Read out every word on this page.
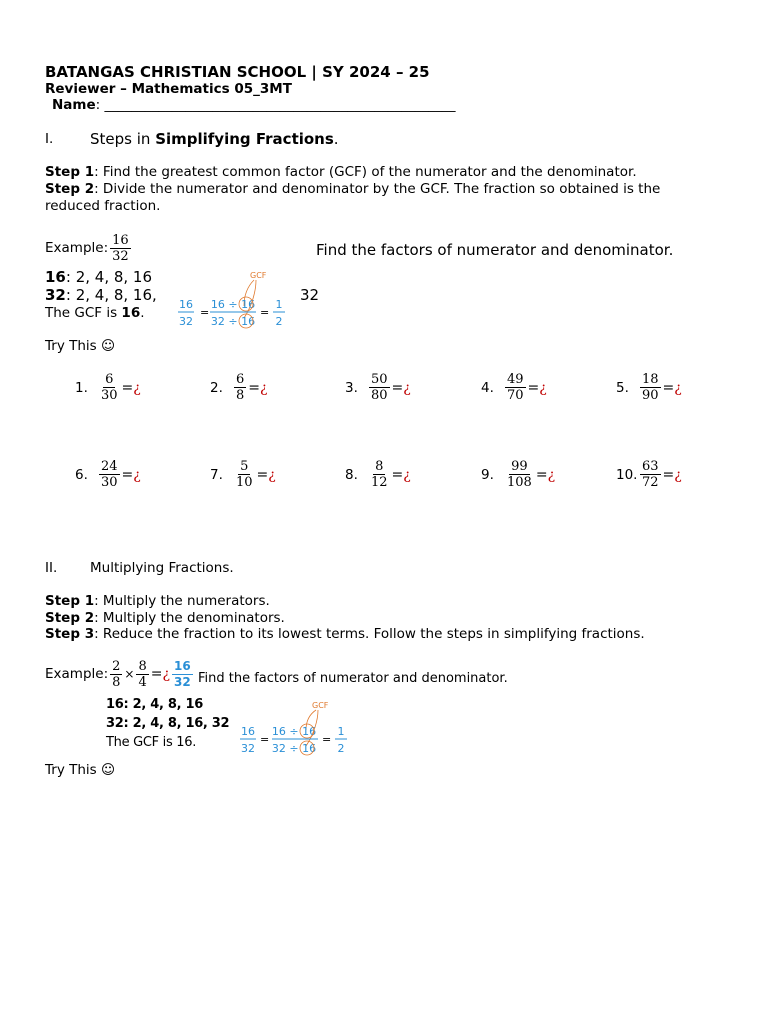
BATANGAS CHRISTIAN SCHOOL | SY 2024 – 25
Reviewer – Mathematics 05_3MT
Name: ____________________________________________________
I. Steps in Simplifying Fractions.
Step 1: Find the greatest common factor (GCF) of the numerator and the denominator.
Step 2: Divide the numerator and denominator by the GCF. The fraction so obtained is the
reduced fraction.
Example: $\frac{16}{32}$	Find the factors of numerator and denominator.
16: 2, 4, 8, 16
32: 2, 4, 8, 16,	32
The GCF is 16.
GCF
16
32
=
16 ÷ 16
32 ÷ 16
=
1
2
Try This ☺
1. $\frac{6}{30}$ = ¿	2. $\frac{6}{8}$ = ¿	3. $\frac{50}{80}$ = ¿	4. $\frac{49}{70}$ = ¿	5. $\frac{18}{90}$ = ¿
6. $\frac{24}{30}$ = ¿	7. $\frac{5}{10}$ = ¿	8. $\frac{8}{12}$ = ¿	9. $\frac{99}{108}$ = ¿	10. $\frac{63}{72}$ = ¿
II. Multiplying Fractions.
Step 1: Multiply the numerators.
Step 2: Multiply the denominators.
Step 3: Reduce the fraction to its lowest terms. Follow the steps in simplifying fractions.
Example: $\frac{2}{8} \times \frac{8}{4}$ = ¿ $\frac{16}{32}$ Find the factors of numerator and denominator.
16: 2, 4, 8, 16
32: 2, 4, 8, 16, 32
The GCF is 16.
GCF
16
32
=
16 ÷ 16
32 ÷ 16
=
1
2
Try This ☺
